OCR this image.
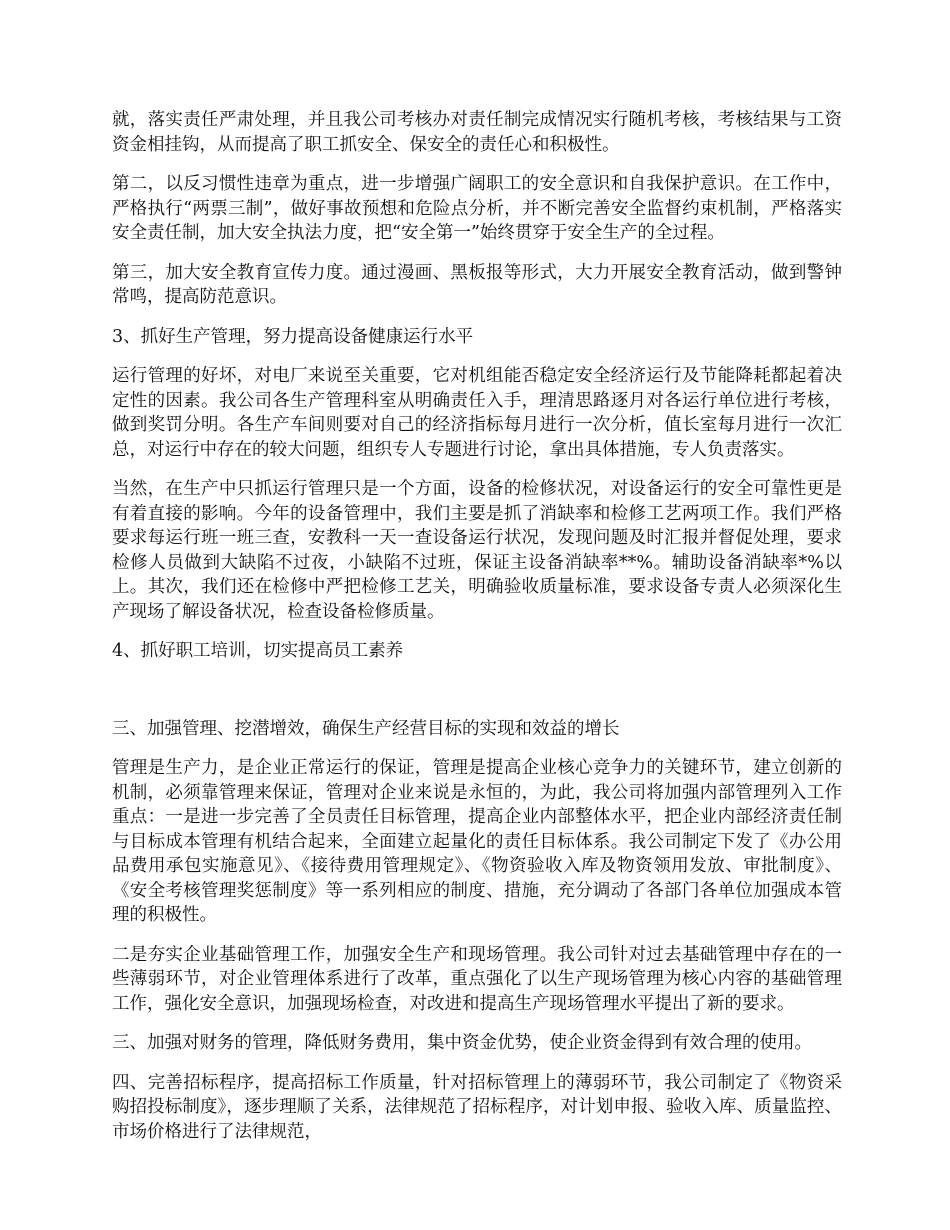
就，落实责任严肃处理，并且我公司考核办对责任制完成情况实行随机考核，考核结果与工资资金相挂钩，从而提高了职工抓安全、保安全的责任心和积极性。

第二，以反习惯性违章为重点，进一步增强广阔职工的安全意识和自我保护意识。在工作中，严格执行“两票三制”，做好事故预想和危险点分析，并不断完善安全监督约束机制，严格落实安全责任制，加大安全执法力度，把“安全第一”始终贯穿于安全生产的全过程。

第三，加大安全教育宣传力度。通过漫画、黑板报等形式，大力开展安全教育活动，做到警钟常鸣，提高防范意识。

3、抓好生产管理，努力提高设备健康运行水平

运行管理的好坏，对电厂来说至关重要，它对机组能否稳定安全经济运行及节能降耗都起着决定性的因素。我公司各生产管理科室从明确责任入手，理清思路逐月对各运行单位进行考核，做到奖罚分明。各生产车间则要对自己的经济指标每月进行一次分析，值长室每月进行一次汇总，对运行中存在的较大问题，组织专人专题进行讨论，拿出具体措施，专人负责落实。

当然，在生产中只抓运行管理只是一个方面，设备的检修状况，对设备运行的安全可靠性更是有着直接的影响。今年的设备管理中，我们主要是抓了消缺率和检修工艺两项工作。我们严格要求每运行班一班三查，安教科一天一查设备运行状况，发现问题及时汇报并督促处理，要求检修人员做到大缺陷不过夜，小缺陷不过班，保证主设备消缺率**%。辅助设备消缺率*%以上。其次，我们还在检修中严把检修工艺关，明确验收质量标准，要求设备专责人必须深化生产现场了解设备状况，检查设备检修质量。

4、抓好职工培训，切实提高员工素养

三、加强管理、挖潜增效，确保生产经营目标的实现和效益的增长

管理是生产力，是企业正常运行的保证，管理是提高企业核心竞争力的关键环节，建立创新的机制，必须靠管理来保证，管理对企业来说是永恒的，为此，我公司将加强内部管理列入工作重点：一是进一步完善了全员责任目标管理，提高企业内部整体水平，把企业内部经济责任制与目标成本管理有机结合起来，全面建立起量化的责任目标体系。我公司制定下发了《办公用品费用承包实施意见》、《接待费用管理规定》、《物资验收入库及物资领用发放、审批制度》、《安全考核管理奖惩制度》等一系列相应的制度、措施，充分调动了各部门各单位加强成本管理的积极性。

二是夯实企业基础管理工作，加强安全生产和现场管理。我公司针对过去基础管理中存在的一些薄弱环节，对企业管理体系进行了改革，重点强化了以生产现场管理为核心内容的基础管理工作，强化安全意识，加强现场检查，对改进和提高生产现场管理水平提出了新的要求。

三、加强对财务的管理，降低财务费用，集中资金优势，使企业资金得到有效合理的使用。

四、完善招标程序，提高招标工作质量，针对招标管理上的薄弱环节，我公司制定了《物资采购招投标制度》，逐步理顺了关系，法律规范了招标程序，对计划申报、验收入库、质量监控、市场价格进行了法律规范，
